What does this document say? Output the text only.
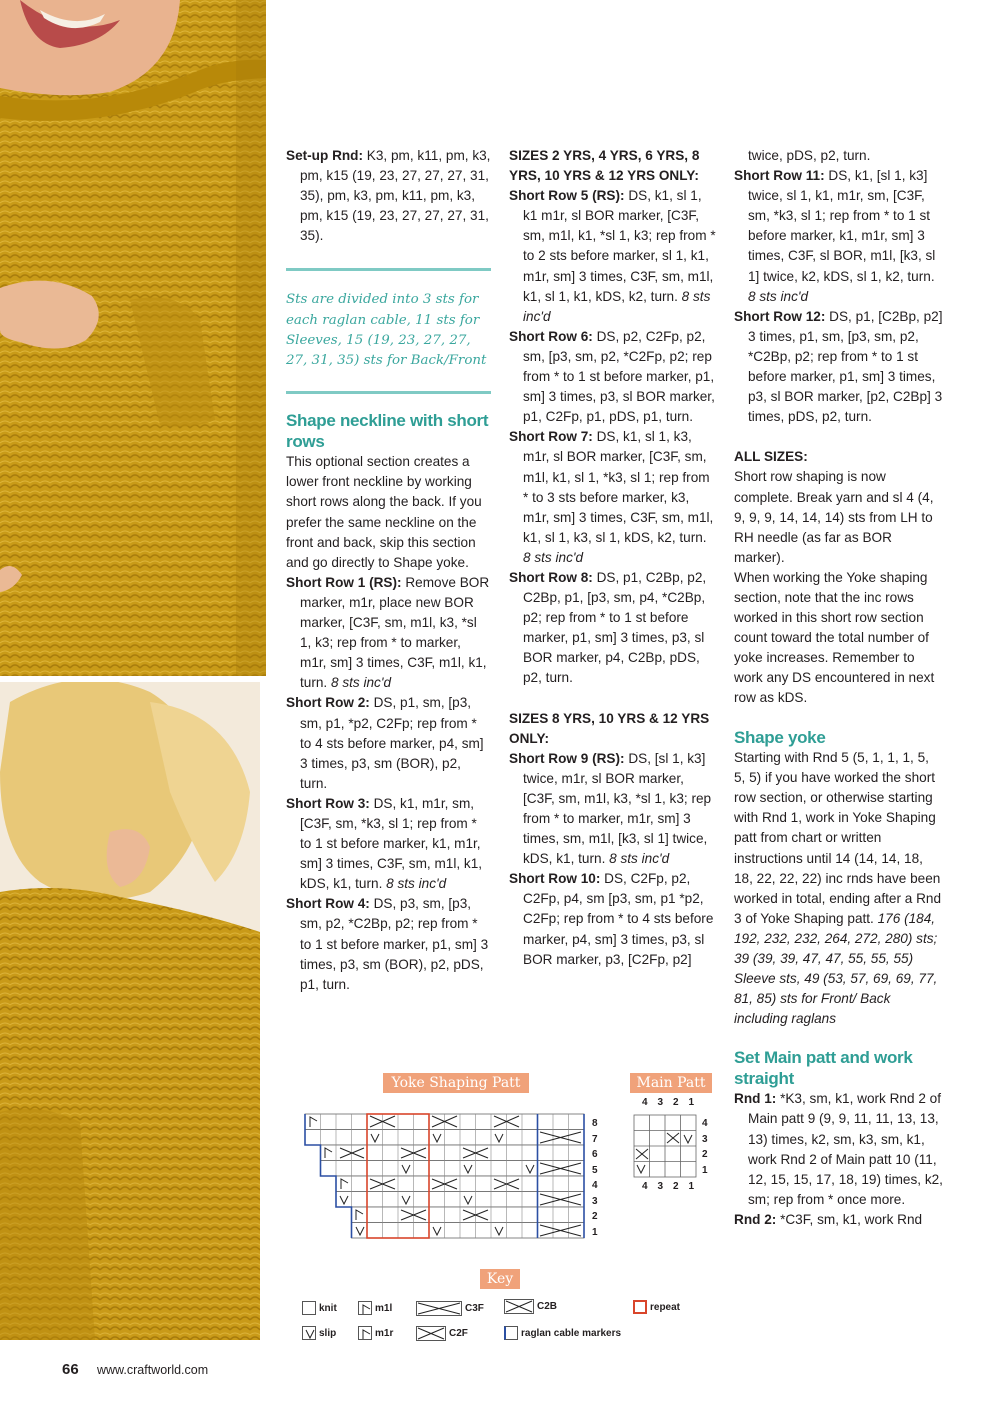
Set-up Rnd: K3, pm, k11, pm, k3, pm, k15 (19, 23, 27, 27, 27, 31, 35), pm, k3, pm, k11, pm, k3, pm, k15 (19, 23, 27, 27, 27, 31, 35).

Sts are divided into 3 sts for each raglan cable, 11 sts for Sleeves, 15 (19, 23, 27, 27, 27, 31, 35) sts for Back/Front

Shape neckline with short rows

This optional section creates a lower front neckline by working short rows along the back. If you prefer the same neckline on the front and back, skip this section and go directly to Shape yoke.

Short Row 1 (RS): Remove BOR marker, m1r, place new BOR marker, [C3F, sm, m1l, k3, *sl 1, k3; rep from * to marker, m1r, sm] 3 times, C3F, m1l, k1, turn. 8 sts inc'd

Short Row 2: DS, p1, sm, [p3, sm, p1, *p2, C2Fp; rep from * to 4 sts before marker, p4, sm] 3 times, p3, sm (BOR), p2, turn.

Short Row 3: DS, k1, m1r, sm, [C3F, sm, *k3, sl 1; rep from * to 1 st before marker, k1, m1r, sm] 3 times, C3F, sm, m1l, k1, kDS, k1, turn. 8 sts inc'd

Short Row 4: DS, p3, sm, [p3, sm, p2, *C2Bp, p2; rep from * to 1 st before marker, p1, sm] 3 times, p3, sm (BOR), p2, pDS, p1, turn.

SIZES 2 YRS, 4 YRS, 6 YRS, 8 YRS, 10 YRS & 12 YRS ONLY:

Short Row 5 (RS): DS, k1, sl 1, k1 m1r, sl BOR marker, [C3F, sm, m1l, k1, *sl 1, k3; rep from * to 2 sts before marker, sl 1, k1, m1r, sm] 3 times, C3F, sm, m1l, k1, sl 1, k1, kDS, k2, turn. 8 sts inc'd

Short Row 6: DS, p2, C2Fp, p2, sm, [p3, sm, p2, *C2Fp, p2; rep from * to 1 st before marker, p1, sm] 3 times, p3, sl BOR marker, p1, C2Fp, p1, pDS, p1, turn.

Short Row 7: DS, k1, sl 1, k3, m1r, sl BOR marker, [C3F, sm, m1l, k1, sl 1, *k3, sl 1; rep from * to 3 sts before marker, k3, m1r, sm] 3 times, C3F, sm, m1l, k1, sl 1, k3, sl 1, kDS, k2, turn. 8 sts inc'd

Short Row 8: DS, p1, C2Bp, p2, C2Bp, p1, [p3, sm, p4, *C2Bp, p2; rep from * to 1 st before marker, p1, sm] 3 times, p3, sl BOR marker, p4, C2Bp, pDS, p2, turn.

SIZES 8 YRS, 10 YRS & 12 YRS ONLY:

Short Row 9 (RS): DS, [sl 1, k3] twice, m1r, sl BOR marker, [C3F, sm, m1l, k3, *sl 1, k3; rep from * to marker, m1r, sm] 3 times, sm, m1l, [k3, sl 1] twice, kDS, k1, turn. 8 sts inc'd

Short Row 10: DS, C2Fp, p2, C2Fp, p4, sm [p3, sm, p1 *p2, C2Fp; rep from * to 4 sts before marker, p4, sm] 3 times, p3, sl BOR marker, p3, [C2Fp, p2]

twice, pDS, p2, turn.

Short Row 11: DS, k1, [sl 1, k3] twice, sl 1, k1, m1r, sm, [C3F, sm, *k3, sl 1; rep from * to 1 st before marker, k1, m1r, sm] 3 times, C3F, sl BOR, m1l, [k3, sl 1] twice, k2, kDS, sl 1, k2, turn. 8 sts inc'd

Short Row 12: DS, p1, [C2Bp, p2] 3 times, p1, sm, [p3, sm, p2, *C2Bp, p2; rep from * to 1 st before marker, p1, sm] 3 times, p3, sl BOR marker, [p2, C2Bp] 3 times, pDS, p2, turn.

ALL SIZES:

Short row shaping is now complete. Break yarn and sl 4 (4, 9, 9, 9, 14, 14, 14) sts from LH to RH needle (as far as BOR marker).

When working the Yoke shaping section, note that the inc rows worked in this short row section count toward the total number of yoke increases. Remember to work any DS encountered in next row as kDS.

Shape yoke

Starting with Rnd 5 (5, 1, 1, 1, 5, 5, 5) if you have worked the short row section, or otherwise starting with Rnd 1, work in Yoke Shaping patt from chart or written instructions until 14 (14, 14, 18, 18, 22, 22, 22) inc rnds have been worked in total, ending after a Rnd 3 of Yoke Shaping patt. 176 (184, 192, 232, 232, 264, 272, 280) sts; 39 (39, 39, 47, 47, 55, 55, 55) Sleeve sts, 49 (53, 57, 69, 69, 77, 81, 85) sts for Front/ Back including raglans

Set Main patt and work straight

Rnd 1: *K3, sm, k1, work Rnd 2 of Main patt 9 (9, 9, 11, 11, 13, 13, 13) times, k2, sm, k3, sm, k1, work Rnd 2 of Main patt 10 (11, 12, 15, 15, 17, 18, 19) times, k2, sm; rep from * once more.

Rnd 2: *C3F, sm, k1, work Rnd

Yoke Shaping Patt	Main Patt
8
7
6
5
4
3
2
1
4 3 2 1
4
3
2
1
4 3 2 1
Key
knit
slip
m1l
m1r
C3F
C2F
C2B
raglan cable markers
repeat
66 www.craftworld.com
